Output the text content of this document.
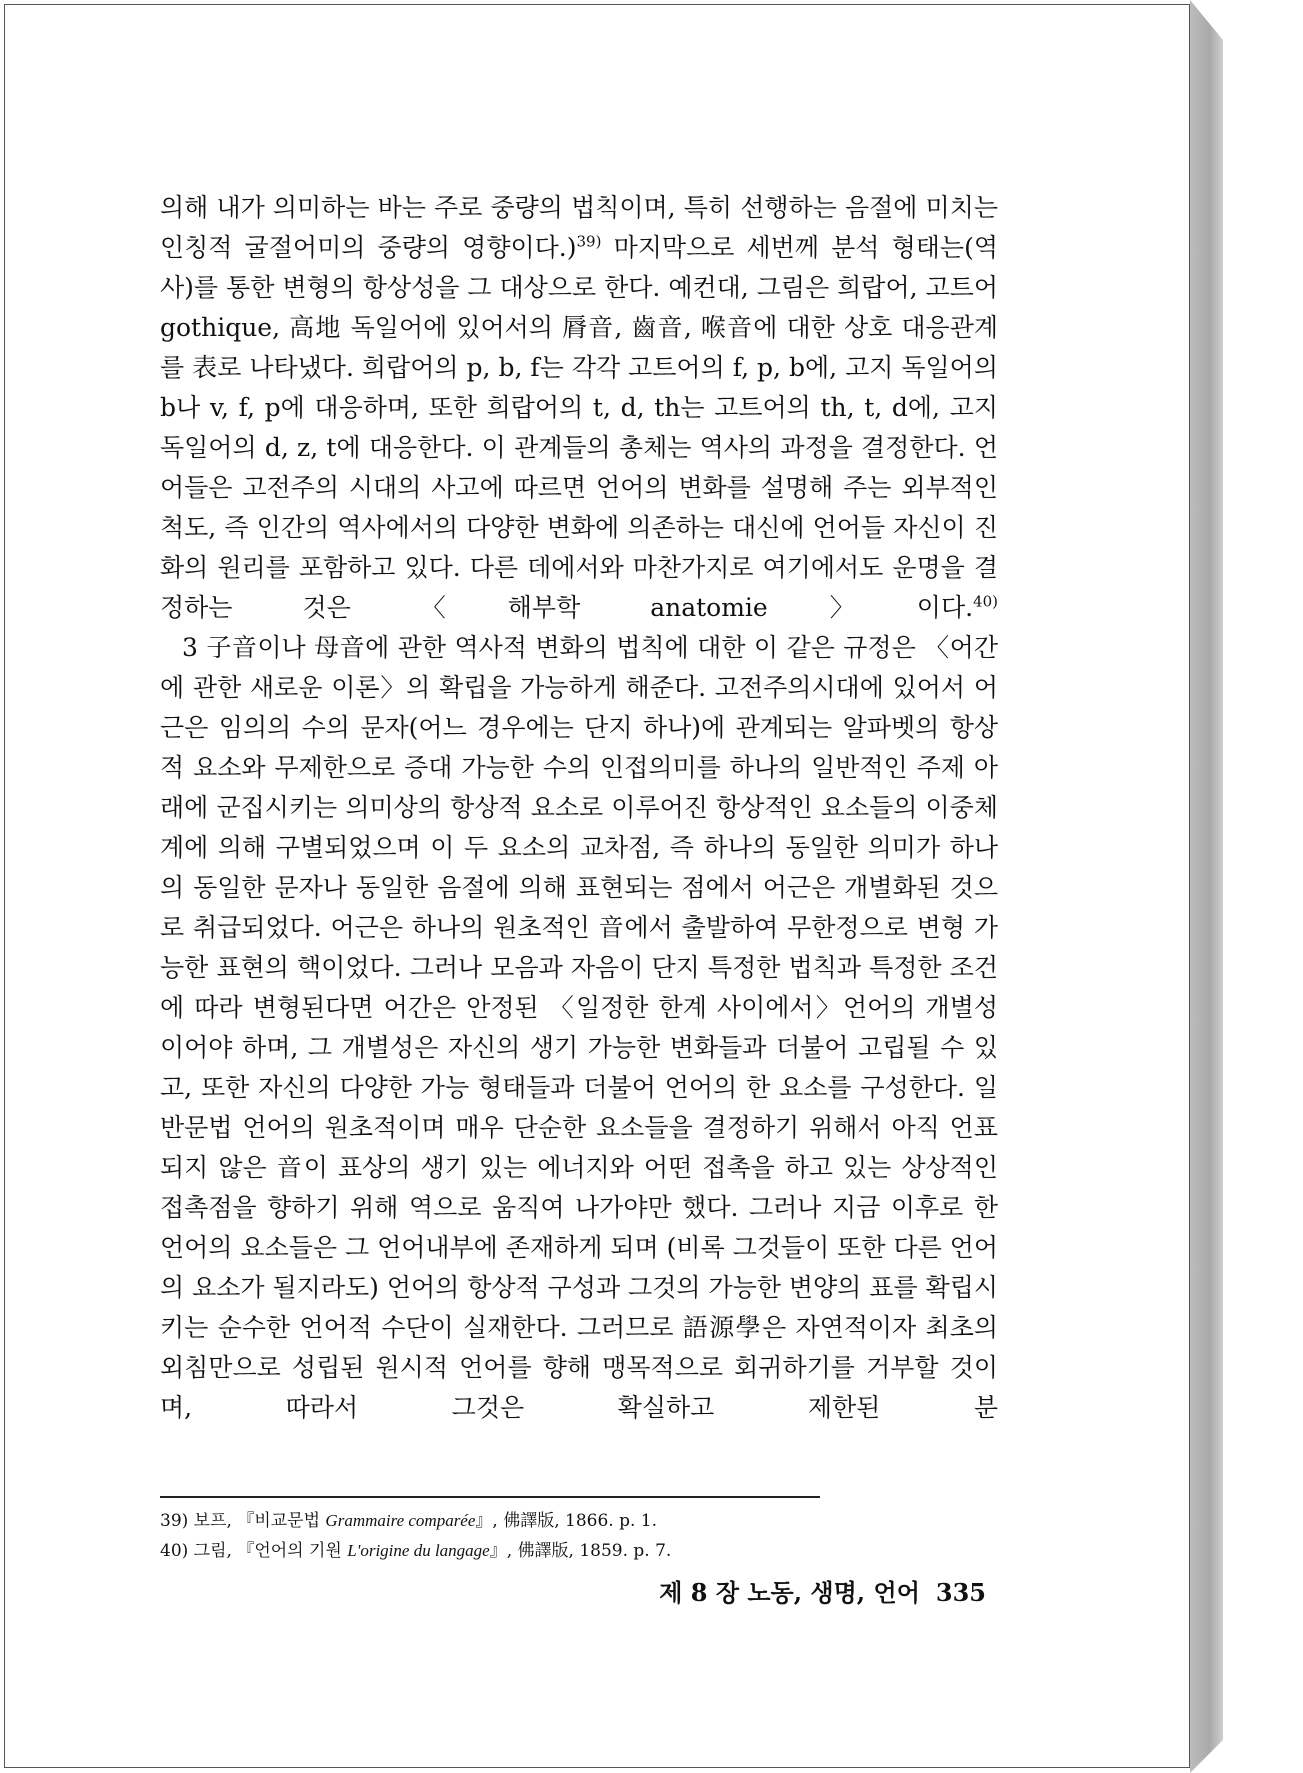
의해 내가 의미하는 바는 주로 중량의 법칙이며, 특히 선행하는 음절에 미치는 인칭적 굴절어미의 중량의 영향이다.)$^{39)}$ 마지막으로 세번께 분석 형태는(역사)를 통한 변형의 항상성을 그 대상으로 한다. 예컨대, 그림은 희랍어, 고트어 gothique, 高地 독일어에 있어서의 脣音, 齒音, 喉音에 대한 상호 대응관계를 表로 나타냈다. 희랍어의 p, b, f는 각각 고트어의 f, p, b에, 고지 독일어의 b나 v, f, p에 대응하며, 또한 희랍어의 t, d, th는 고트어의 th, t, d에, 고지 독일어의 d, z, t에 대응한다. 이 관계들의 총체는 역사의 과정을 결정한다. 언어들은 고전주의 시대의 사고에 따르면 언어의 변화를 설명해 주는 외부적인 척도, 즉 인간의 역사에서의 다양한 변화에 의존하는 대신에 언어들 자신이 진화의 원리를 포함하고 있다. 다른 데에서와 마찬가지로 여기에서도 운명을 결정하는 것은 〈해부학 anatomie〉이다.$^{40)}$

3 子音이나 母音에 관한 역사적 변화의 법칙에 대한 이 같은 규정은 〈어간에 관한 새로운 이론〉의 확립을 가능하게 해준다. 고전주의시대에 있어서 어근은 임의의 수의 문자(어느 경우에는 단지 하나)에 관계되는 알파벳의 항상적 요소와 무제한으로 증대 가능한 수의 인접의미를 하나의 일반적인 주제 아래에 군집시키는 의미상의 항상적 요소로 이루어진 항상적인 요소들의 이중체계에 의해 구별되었으며 이 두 요소의 교차점, 즉 하나의 동일한 의미가 하나의 동일한 문자나 동일한 음절에 의해 표현되는 점에서 어근은 개별화된 것으로 취급되었다. 어근은 하나의 원초적인 音에서 출발하여 무한정으로 변형 가능한 표현의 핵이었다. 그러나 모음과 자음이 단지 특정한 법칙과 특정한 조건에 따라 변형된다면 어간은 안정된 〈일정한 한계 사이에서〉언어의 개별성이어야 하며, 그 개별성은 자신의 생기 가능한 변화들과 더불어 고립될 수 있고, 또한 자신의 다양한 가능 형태들과 더불어 언어의 한 요소를 구성한다. 일반문법 언어의 원초적이며 매우 단순한 요소들을 결정하기 위해서 아직 언표되지 않은 音이 표상의 생기 있는 에너지와 어떤 접촉을 하고 있는 상상적인 접촉점을 향하기 위해 역으로 움직여 나가야만 했다. 그러나 지금 이후로 한 언어의 요소들은 그 언어내부에 존재하게 되며 (비록 그것들이 또한 다른 언어의 요소가 될지라도) 언어의 항상적 구성과 그것의 가능한 변양의 표를 확립시키는 순수한 언어적 수단이 실재한다. 그러므로 語源學은 자연적이자 최초의 외침만으로 성립된 원시적 언어를 향해 맹목적으로 회귀하기를 거부할 것이며, 따라서 그것은 확실하고 제한된 분

39) 보프, 『비교문법 Grammaire comparée』, 佛譯版, 1866. p. 1.
40) 그림, 『언어의 기원 L'origine du langage』, 佛譯版, 1859. p. 7.
제 8 장 노동, 생명, 언어 335
